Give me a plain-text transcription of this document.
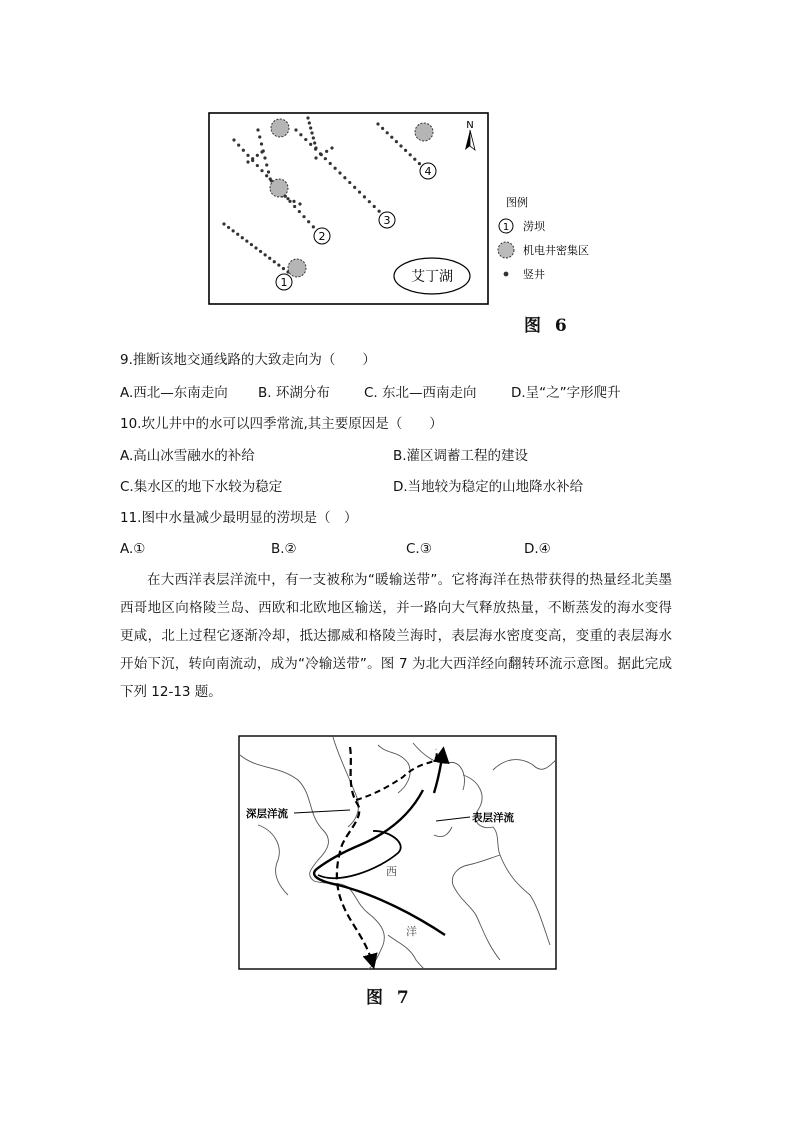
1
2
3
4
艾丁湖
N
图例
1 涝坝
机电井密集区
竖井
图 6
9.推断该地交通线路的大致走向为（　　）
A.西北—东南走向 B. 环湖分布	C. 东北—西南走向	D.呈“之”字形爬升
10.坎儿井中的水可以四季常流,其主要原因是（　　）
A.高山冰雪融水的补给	B.灌区调蓄工程的建设
C.集水区的地下水较为稳定	D.当地较为稳定的山地降水补给
11.图中水量减少最明显的涝坝是（　）
A.①	B.②	C.③	D.④
在大西洋表层洋流中，有一支被称为“暖输送带”。它将海洋在热带获得的热量经北美墨西哥地区向格陵兰岛、西欧和北欧地区输送，并一路向大气释放热量，不断蒸发的海水变得更咸，北上过程它逐渐冷却，抵达挪威和格陵兰海时，表层海水密度变高，变重的表层海水开始下沉，转向南流动，成为“冷输送带”。图 7 为北大西洋经向翻转环流示意图。据此完成下列 12-13 题。
深层洋流	表层洋流
西
洋
图 7
